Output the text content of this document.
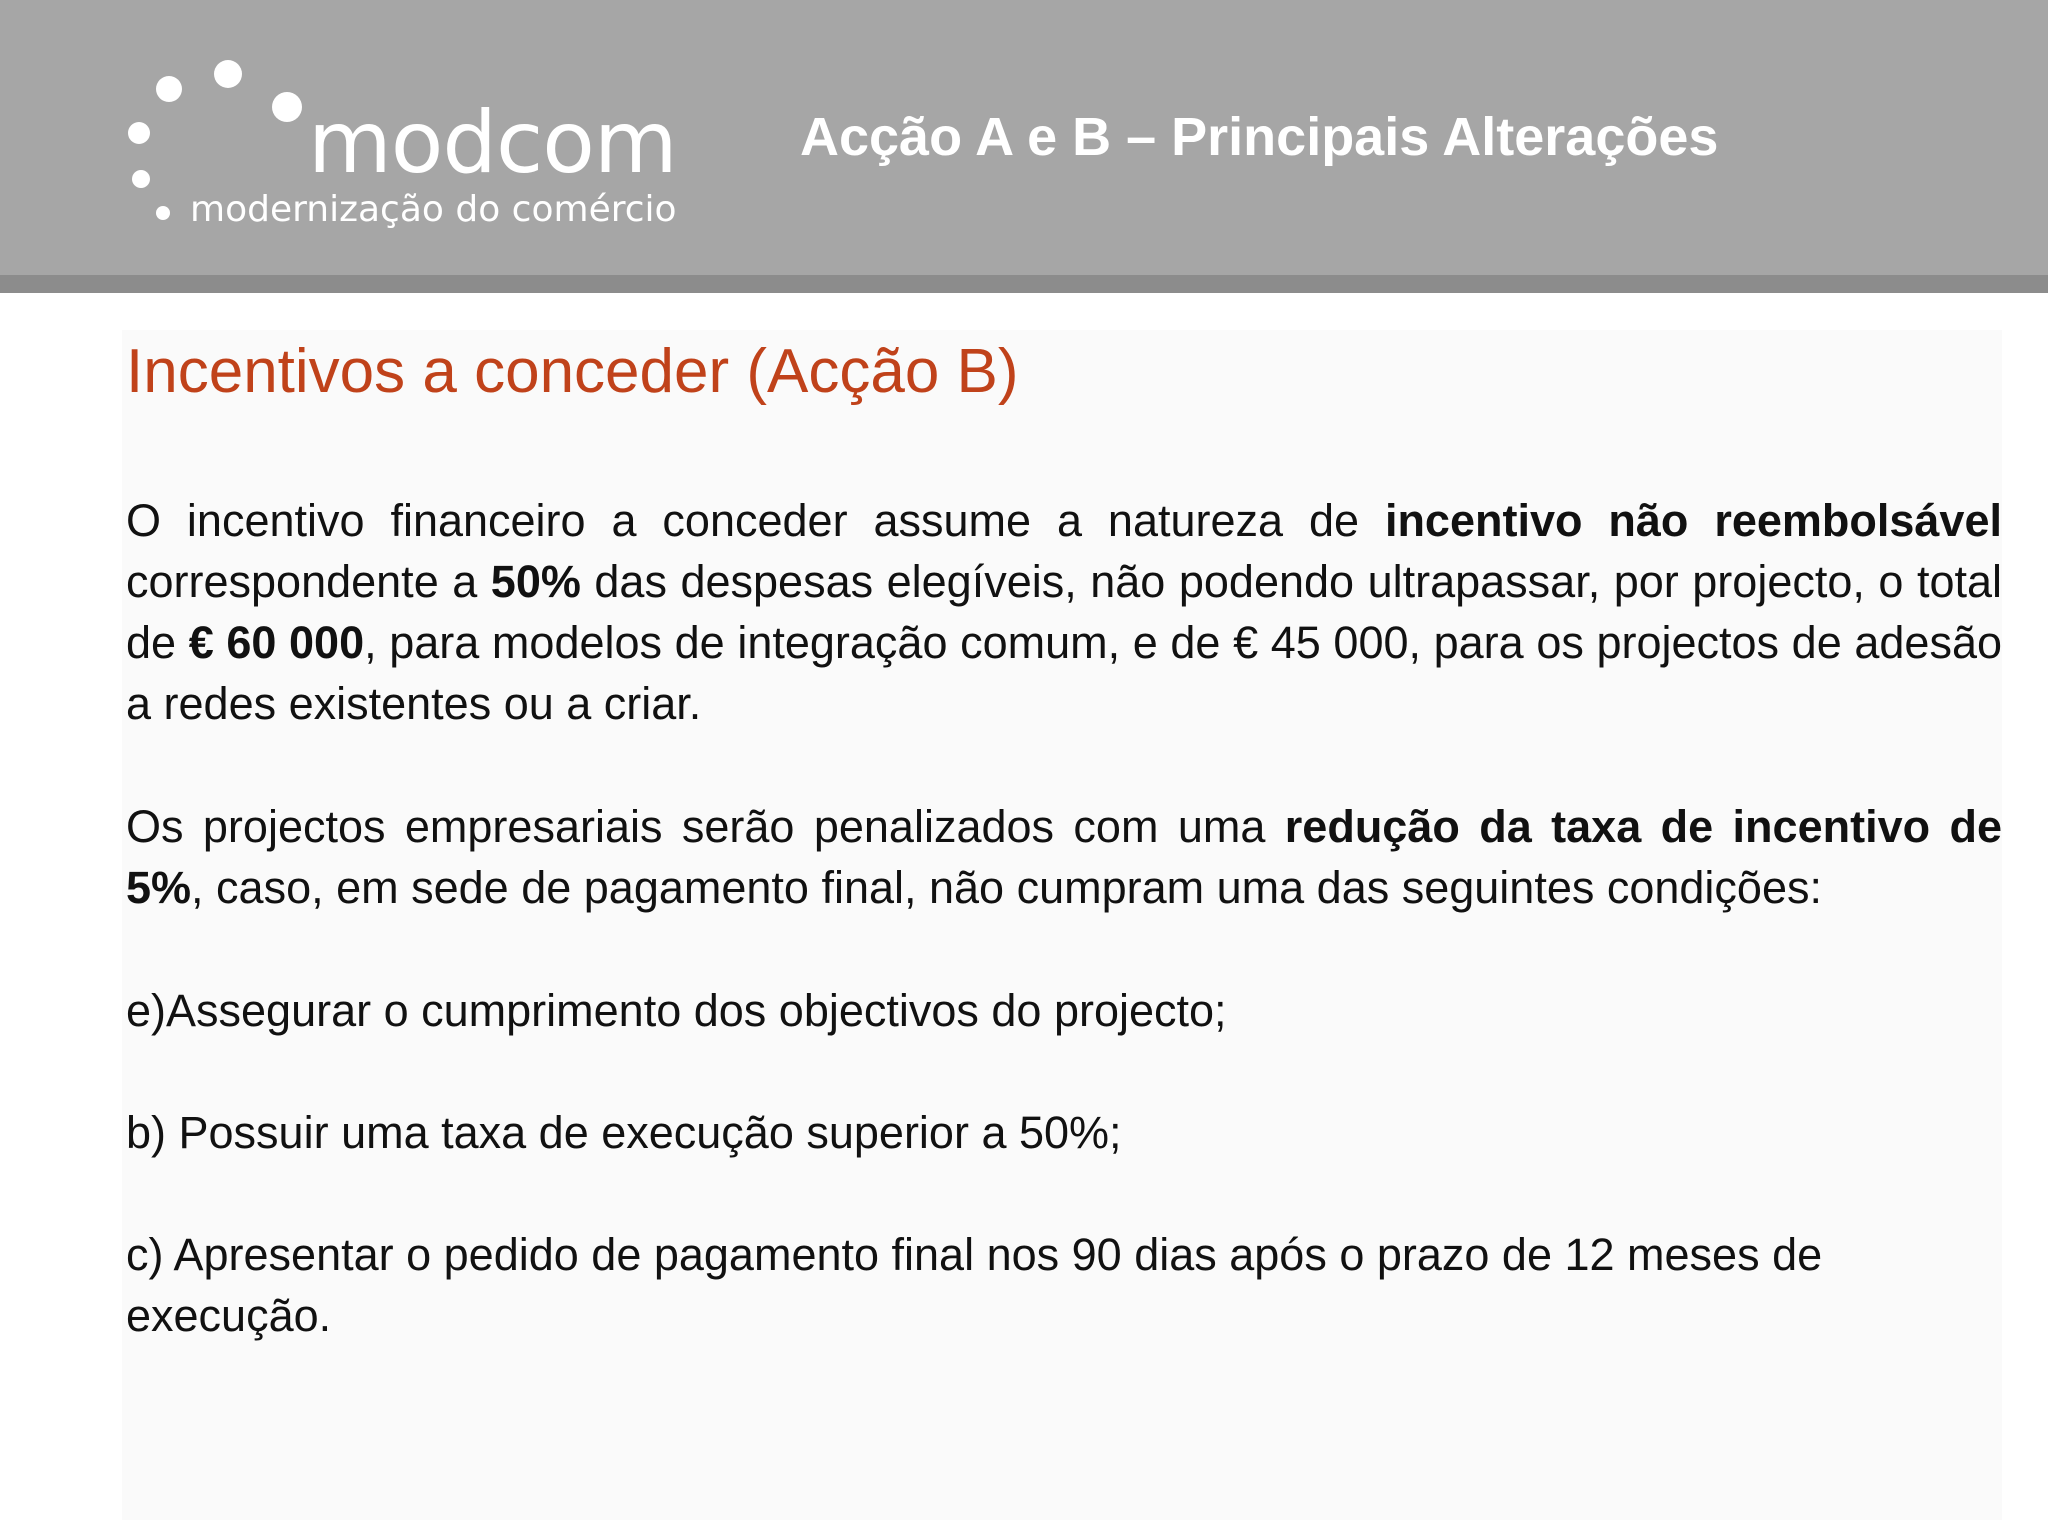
modcom
modernização do comércio
Acção A e B – Principais Alterações
Incentivos a conceder (Acção B)

O incentivo financeiro a conceder assume a natureza de incentivo não reembolsável correspondente a 50% das despesas elegíveis, não podendo ultrapassar, por projecto, o total de € 60 000, para modelos de integração comum, e de € 45 000, para os projectos de adesão a redes existentes ou a criar.

Os projectos empresariais serão penalizados com uma redução da taxa de incentivo de 5%, caso, em sede de pagamento final, não cumpram uma das seguintes condições:

e)Assegurar o cumprimento dos objectivos do projecto;

b) Possuir uma taxa de execução superior a 50%;

c) Apresentar o pedido de pagamento final nos 90 dias após o prazo de 12 meses de execução.
